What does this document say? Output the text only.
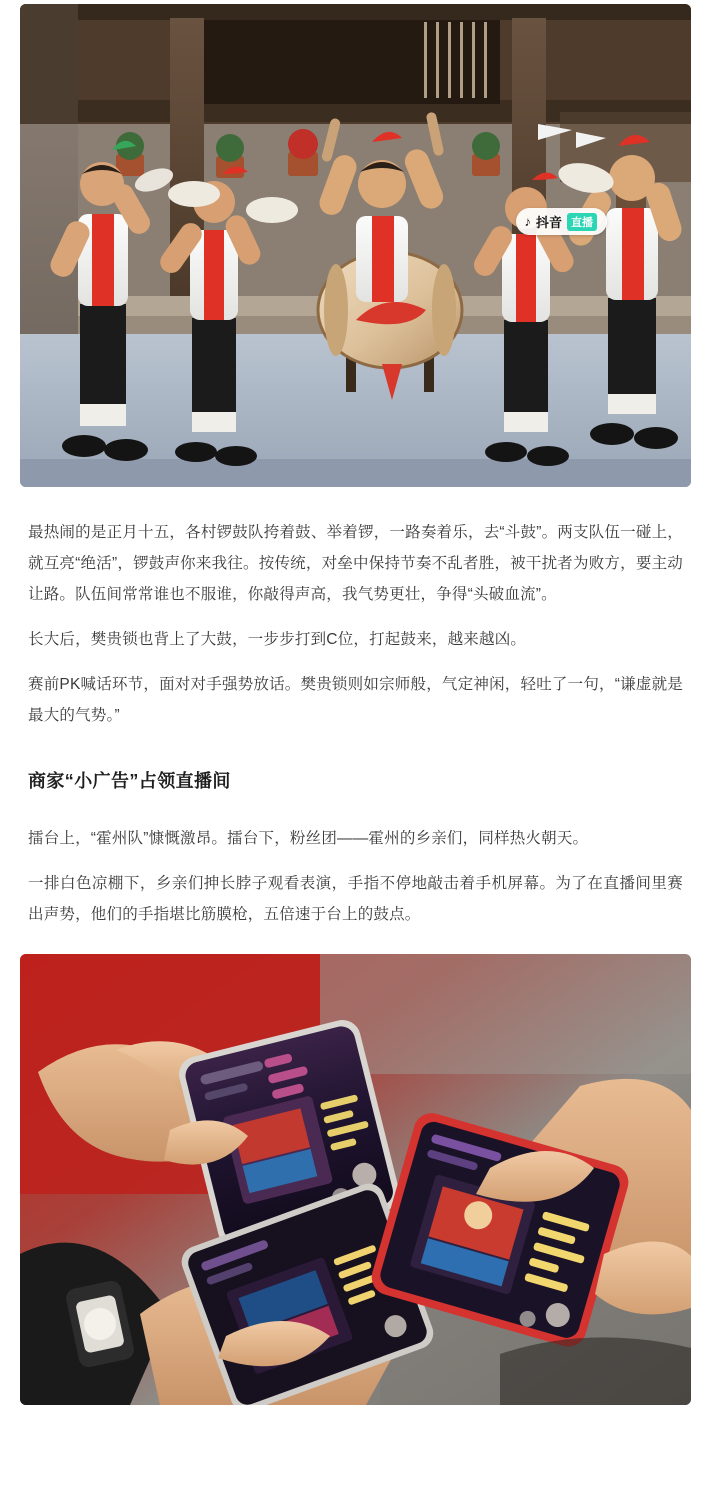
♪ 抖音 直播

最热闹的是正月十五，各村锣鼓队挎着鼓、举着锣，一路奏着乐，去“斗鼓”。两支队伍一碰上，就互亮“绝活”，锣鼓声你来我往。按传统，对垒中保持节奏不乱者胜，被干扰者为败方，要主动让路。队伍间常常谁也不服谁，你敲得声高，我气势更壮，争得“头破血流”。

长大后，樊贵锁也背上了大鼓，一步步打到C位，打起鼓来，越来越凶。

赛前PK喊话环节，面对对手强势放话。樊贵锁则如宗师般，气定神闲，轻吐了一句，“谦虚就是最大的气势。”

商家“小广告”占领直播间

擂台上，“霍州队”慷慨激昂。擂台下，粉丝团——霍州的乡亲们，同样热火朝天。

一排白色凉棚下，乡亲们抻长脖子观看表演，手指不停地敲击着手机屏幕。为了在直播间里赛出声势，他们的手指堪比筋膜枪，五倍速于台上的鼓点。
